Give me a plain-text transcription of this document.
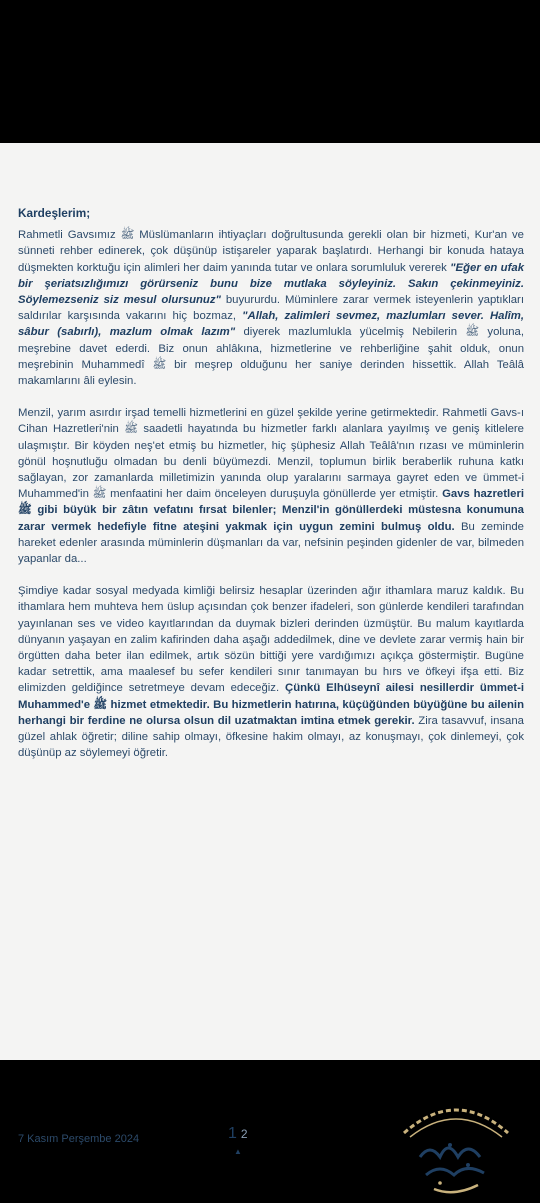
Kardeşlerim;

Rahmetli Gavsımız ﷺ Müslümanların ihtiyaçları doğrultusunda gerekli olan bir hizmeti, Kur'an ve sünneti rehber edinerek, çok düşünüp istişareler yaparak başlatırdı. Herhangi bir konuda hataya düşmekten korktuğu için alimleri her daim yanında tutar ve onlara sorumluluk vererek "Eğer en ufak bir şeriatsızlığımızı görürseniz bunu bize mutlaka söyleyiniz. Sakın çekinmeyiniz. Söylemezseniz siz mesul olursunuz" buyururdu. Müminlere zarar vermek isteyenlerin yaptıkları saldırılar karşısında vakarını hiç bozmaz, "Allah, zalimleri sevmez, mazlumları sever. Halîm, sâbur (sabırlı), mazlum olmak lazım" diyerek mazlumlukla yücelmiş Nebilerin ﷺ yoluna, meşrebine davet ederdi. Biz onun ahlâkına, hizmetlerine ve rehberliğine şahit olduk, onun meşrebinin Muhammedî ﷺ bir meşrep olduğunu her saniye derinden hissettik. Allah Teâlâ makamlarını âli eylesin.

Menzil, yarım asırdır irşad temelli hizmetlerini en güzel şekilde yerine getirmektedir. Rahmetli Gavs-ı Cihan Hazretleri'nin ﷺ saadetli hayatında bu hizmetler farklı alanlara yayılmış ve geniş kitlelere ulaşmıştır. Bir köyden neş'et etmiş bu hizmetler, hiç şüphesiz Allah Teâlâ'nın rızası ve müminlerin gönül hoşnutluğu olmadan bu denli büyümezdi. Menzil, toplumun birlik beraberlik ruhuna katkı sağlayan, zor zamanlarda milletimizin yanında olup yaralarını sarmaya gayret eden ve ümmet-i Muhammed'in ﷺ menfaatini her daim önceleyen duruşuyla gönüllerde yer etmiştir. Gavs hazretleri ﷺ gibi büyük bir zâtın vefatını fırsat bilenler; Menzil'in gönüllerdeki müstesna konumuna zarar vermek hedefiyle fitne ateşini yakmak için uygun zemini bulmuş oldu. Bu zeminde hareket edenler arasında müminlerin düşmanları da var, nefsinin peşinden gidenler de var, bilmeden yapanlar da...

Şimdiye kadar sosyal medyada kimliği belirsiz hesaplar üzerinden ağır ithamlara maruz kaldık. Bu ithamlara hem muhteva hem üslup açısından çok benzer ifadeleri, son günlerde kendileri tarafından yayınlanan ses ve video kayıtlarından da duymak bizleri derinden üzmüştür. Bu malum kayıtlarda dünyanın yaşayan en zalim kafirinden daha aşağı addedilmek, dine ve devlete zarar vermiş hain bir örgütten daha beter ilan edilmek, artık sözün bittiği yere vardığımızı açıkça göstermiştir. Bugüne kadar setrettik, ama maalesef bu sefer kendileri sınır tanımayan bu hırs ve öfkeyi ifşa etti. Biz elimizden geldiğince setretmeye devam edeceğiz. Çünkü Elhüseynî ailesi nesillerdir ümmet-i Muhammed'e ﷺ hizmet etmektedir. Bu hizmetlerin hatırına, küçüğünden büyüğüne bu ailenin herhangi bir ferdine ne olursa olsun dil uzatmaktan imtina etmek gerekir. Zira tasavvuf, insana güzel ahlak öğretir; diline sahip olmayı, öfkesine hakim olmayı, az konuşmayı, çok dinlemeyi, çok düşünüp az söylemeyi öğretir.

7 Kasım Perşembe 2024	1 2
▲
